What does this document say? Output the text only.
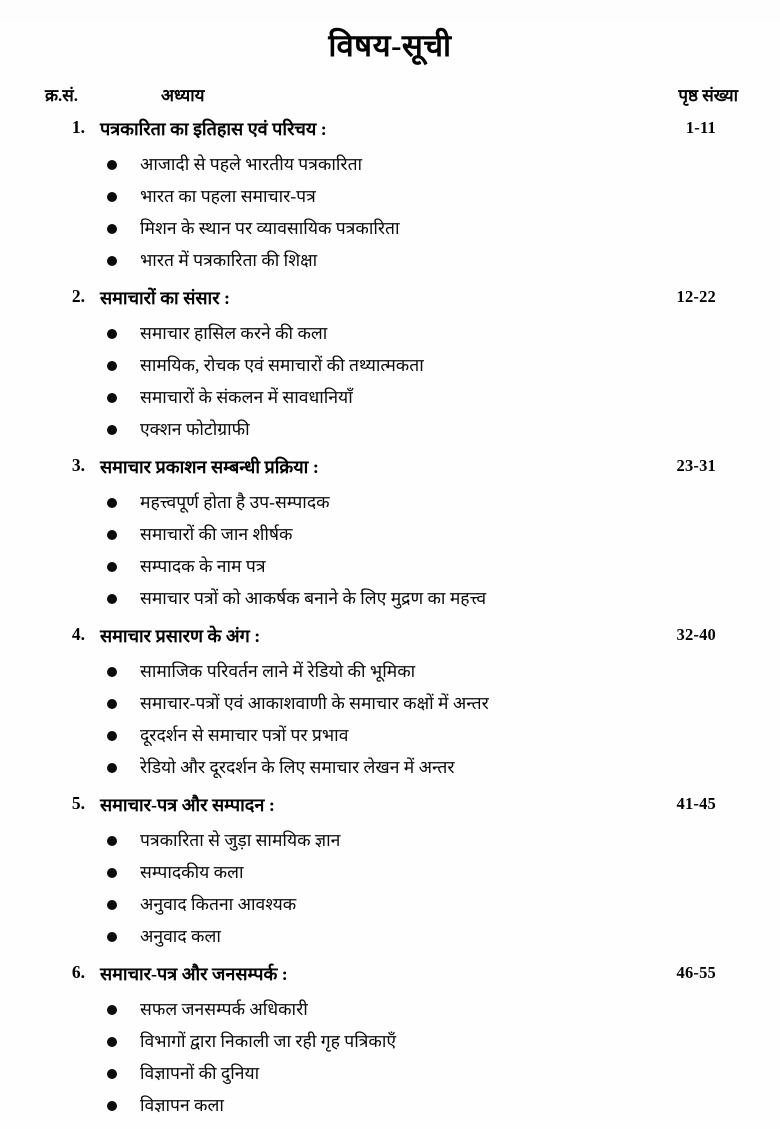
विषय-सूची
क्र.सं.	अध्याय	पृष्ठ संख्या
1. पत्रकारिता का इतिहास एवं परिचय :	1-11
आजादी से पहले भारतीय पत्रकारिता
भारत का पहला समाचार-पत्र
मिशन के स्थान पर व्यावसायिक पत्रकारिता
भारत में पत्रकारिता की शिक्षा
2. समाचारों का संसार :	12-22
समाचार हासिल करने की कला
सामयिक, रोचक एवं समाचारों की तथ्यात्मकता
समाचारों के संकलन में सावधानियाँ
एक्शन फोटोग्राफी
3. समाचार प्रकाशन सम्बन्धी प्रक्रिया :	23-31
महत्त्वपूर्ण होता है उप-सम्पादक
समाचारों की जान शीर्षक
सम्पादक के नाम पत्र
समाचार पत्रों को आकर्षक बनाने के लिए मुद्रण का महत्त्व
4. समाचार प्रसारण के अंग :	32-40
सामाजिक परिवर्तन लाने में रेडियो की भूमिका
समाचार-पत्रों एवं आकाशवाणी के समाचार कक्षों में अन्तर
दूरदर्शन से समाचार पत्रों पर प्रभाव
रेडियो और दूरदर्शन के लिए समाचार लेखन में अन्तर
5. समाचार-पत्र और सम्पादन :	41-45
पत्रकारिता से जुड़ा सामयिक ज्ञान
सम्पादकीय कला
अनुवाद कितना आवश्यक
अनुवाद कला
6. समाचार-पत्र और जनसम्पर्क :	46-55
सफल जनसम्पर्क अधिकारी
विभागों द्वारा निकाली जा रही गृह पत्रिकाएँ
विज्ञापनों की दुनिया
विज्ञापन कला
